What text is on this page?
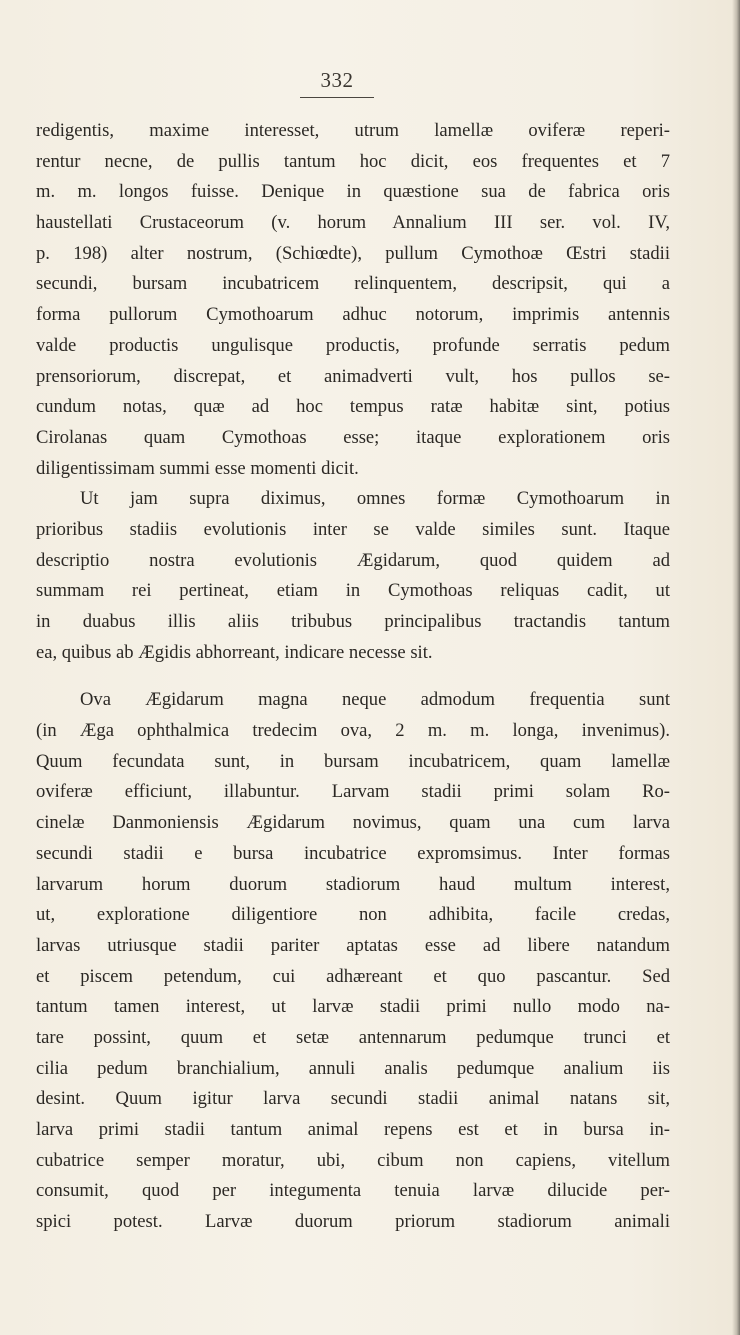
332
redigentis, maxime interesset, utrum lamellæ oviferæ reperi-
rentur necne, de pullis tantum hoc dicit, eos frequentes et 7
m. m. longos fuisse. Denique in quæstione sua de fabrica oris
haustellati Crustaceorum (v. horum Annalium III ser. vol. IV,
p. 198) alter nostrum, (Schiœdte), pullum Cymothoæ Œstri stadii
secundi, bursam incubatricem relinquentem, descripsit, qui a
forma pullorum Cymothoarum adhuc notorum, imprimis antennis
valde productis ungulisque productis, profunde serratis pedum
prensoriorum, discrepat, et animadverti vult, hos pullos se-
cundum notas, quæ ad hoc tempus ratæ habitæ sint, potius
Cirolanas quam Cymothoas esse; itaque explorationem oris
diligentissimam summi esse momenti dicit.
Ut jam supra diximus, omnes formæ Cymothoarum in
prioribus stadiis evolutionis inter se valde similes sunt. Itaque
descriptio nostra evolutionis Ægidarum, quod quidem ad
summam rei pertineat, etiam in Cymothoas reliquas cadit, ut
in duabus illis aliis tribubus principalibus tractandis tantum
ea, quibus ab Ægidis abhorreant, indicare necesse sit.
Ova Ægidarum magna neque admodum frequentia sunt
(in Æga ophthalmica tredecim ova, 2 m. m. longa, invenimus).
Quum fecundata sunt, in bursam incubatricem, quam lamellæ
oviferæ efficiunt, illabuntur. Larvam stadii primi solam Ro-
cinelæ Danmoniensis Ægidarum novimus, quam una cum larva
secundi stadii e bursa incubatrice expromsimus. Inter formas
larvarum horum duorum stadiorum haud multum interest,
ut, exploratione diligentiore non adhibita, facile credas,
larvas utriusque stadii pariter aptatas esse ad libere natandum
et piscem petendum, cui adhæreant et quo pascantur. Sed
tantum tamen interest, ut larvæ stadii primi nullo modo na-
tare possint, quum et setæ antennarum pedumque trunci et
cilia pedum branchialium, annuli analis pedumque analium iis
desint. Quum igitur larva secundi stadii animal natans sit,
larva primi stadii tantum animal repens est et in bursa in-
cubatrice semper moratur, ubi, cibum non capiens, vitellum
consumit, quod per integumenta tenuia larvæ dilucide per-
spici potest. Larvæ duorum priorum stadiorum animali
